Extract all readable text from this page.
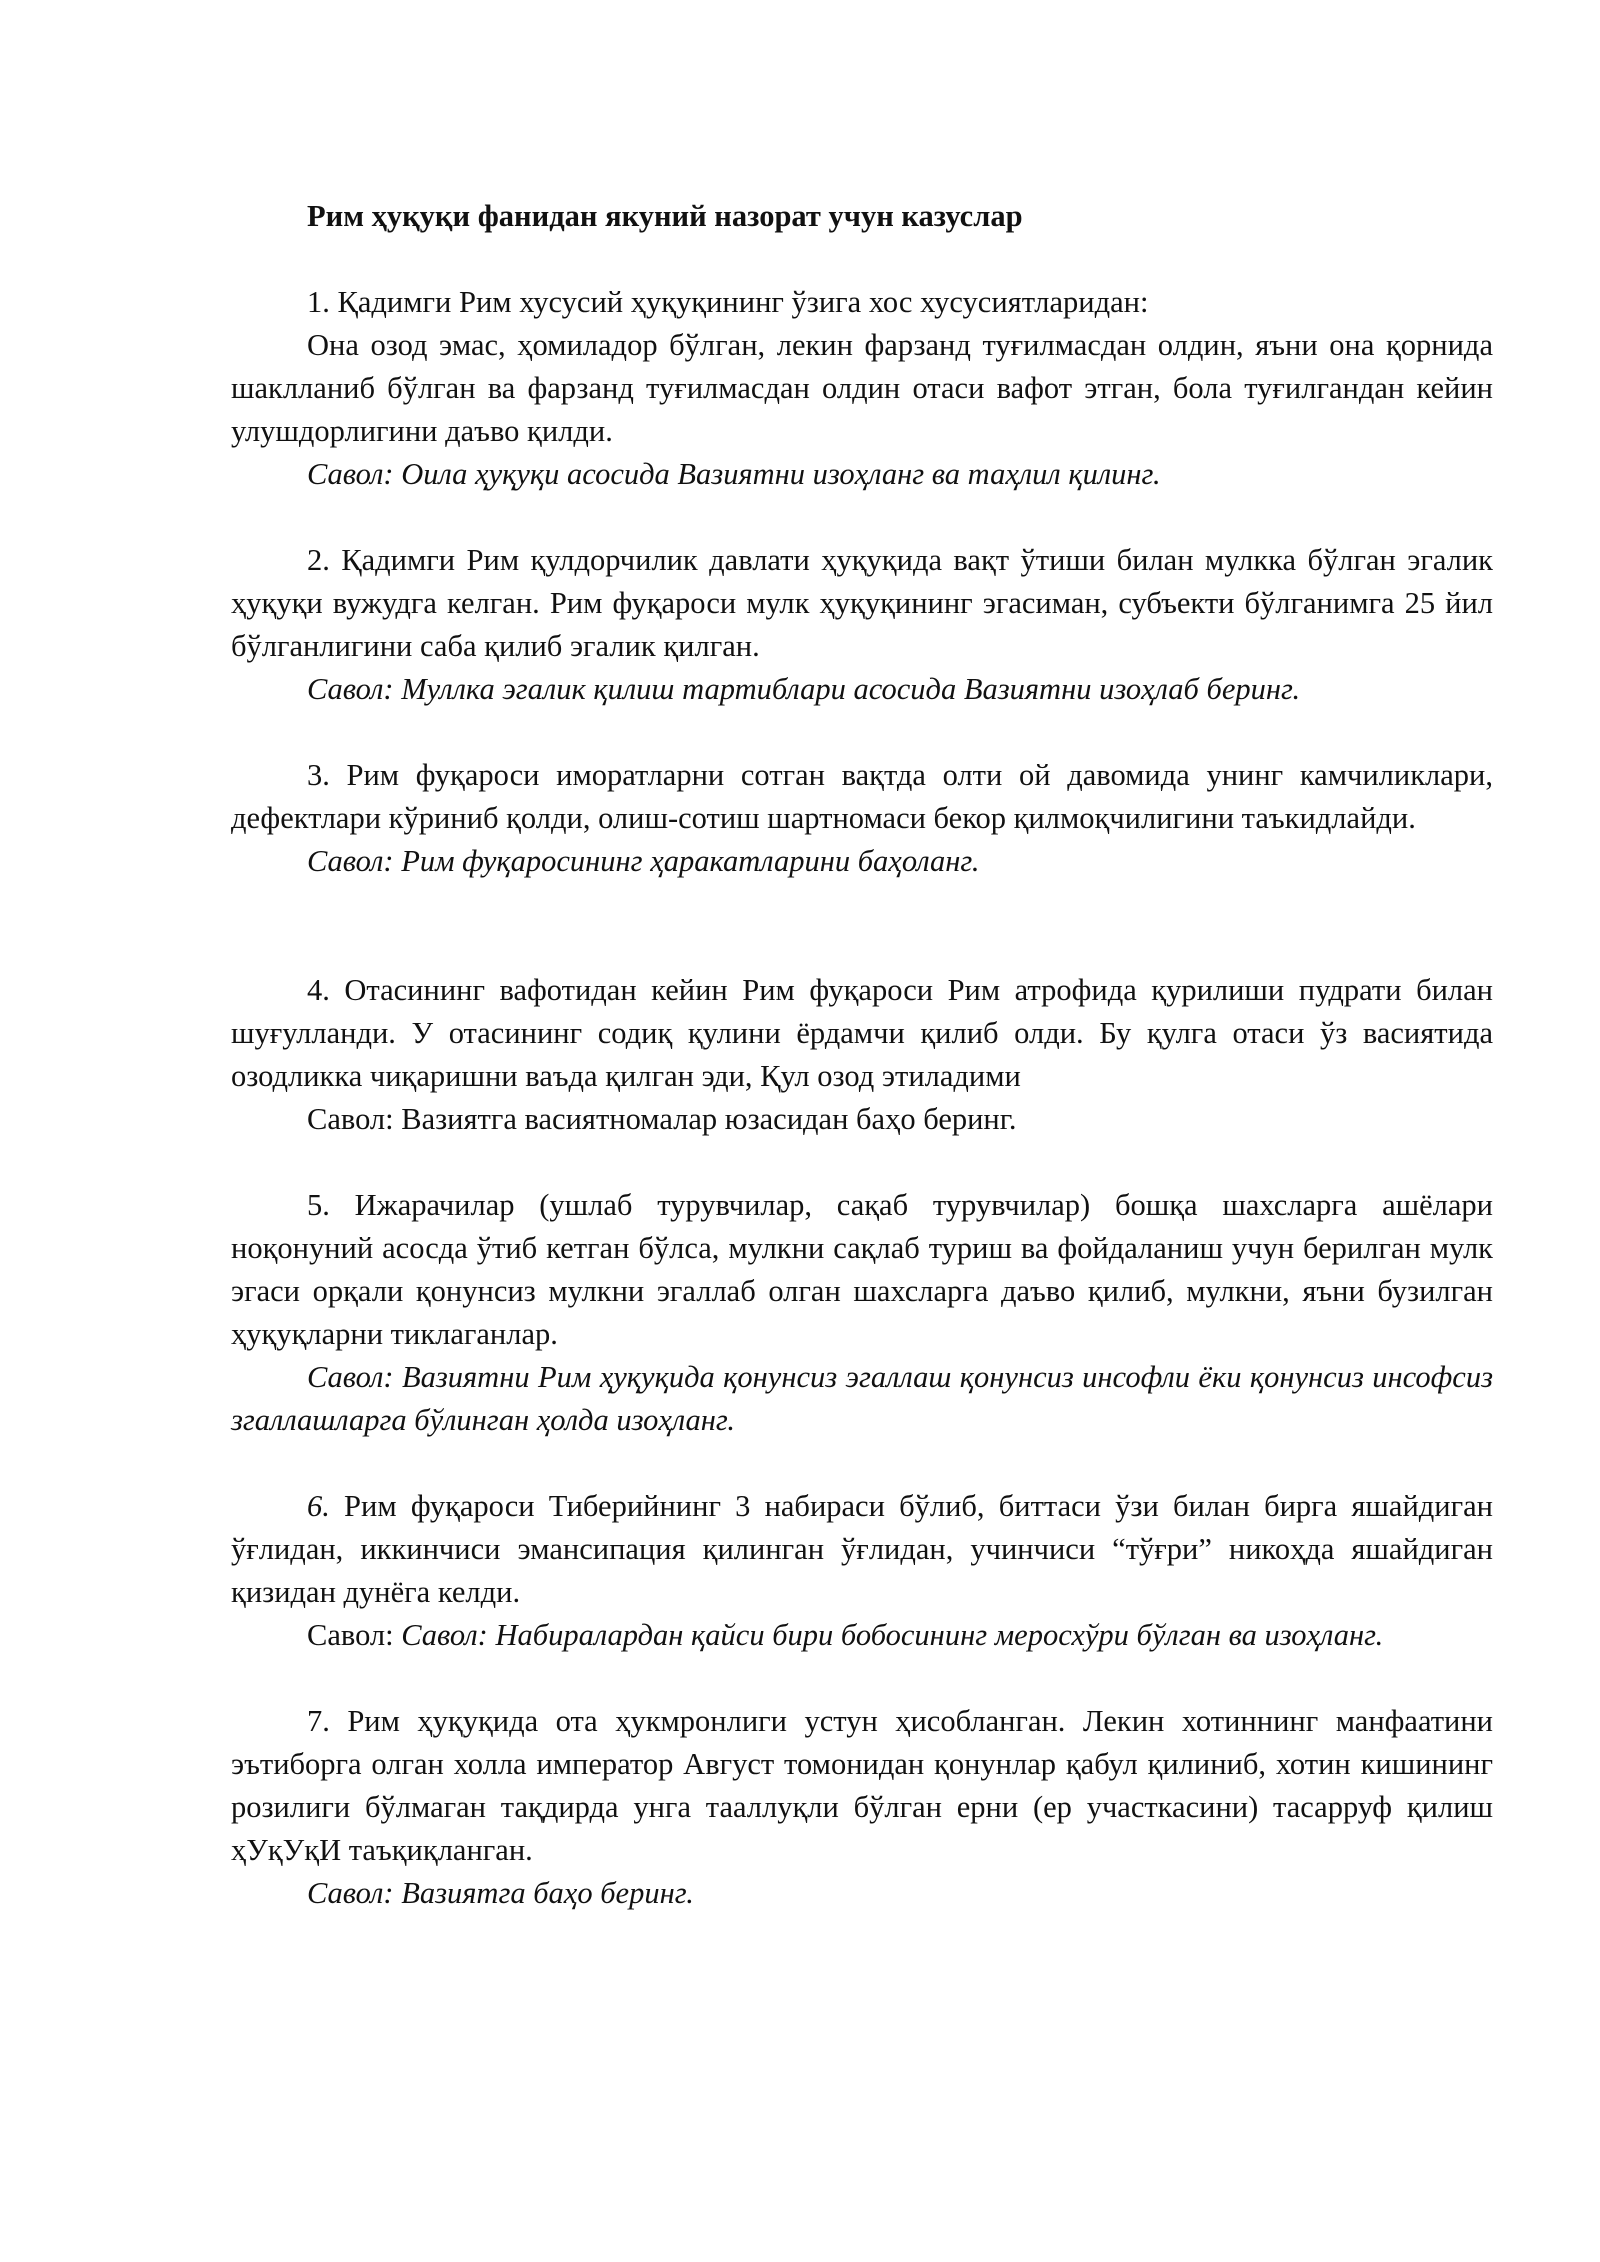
Рим ҳуқуқи фанидан якуний назорат учун казуслар

1. Қадимги Рим хусусий ҳуқуқининг ўзига хос хусусиятларидан:

Она озод эмас, ҳомиладор бўлган, лекин фарзанд туғилмасдан олдин, яъни она қорнида шаклланиб бўлган ва фарзанд туғилмасдан олдин отаси вафот этган, бола туғилгандан кейин улушдорлигини даъво қилди.

Савол: Оила ҳуқуқи асосида Вазиятни изоҳланг ва таҳлил қилинг.

2. Қадимги Рим қулдорчилик давлати ҳуқуқида вақт ўтиши билан мулкка бўлган эгалик ҳуқуқи вужудга келган. Рим фуқароси мулк ҳуқуқининг эгасиман, субъекти бўлганимга 25 йил бўлганлигини саба қилиб эгалик қилган.

Савол: Муллка эгалик қилиш тартиблари асосида Вазиятни изоҳлаб беринг.

3. Рим фуқароси иморатларни сотган вақтда олти ой давомида унинг камчиликлари, дефектлари кўриниб қолди, олиш-сотиш шартномаси бекор қилмоқчилигини таъкидлайди.

Савол: Рим фуқаросининг ҳаракатларини баҳоланг.

4. Отасининг вафотидан кейин Рим фуқароси Рим атрофида қурилиши пудрати билан шуғулланди. У отасининг содиқ қулини ёрдамчи қилиб олди. Бу қулга отаси ўз васиятида озодликка чиқаришни ваъда қилган эди, Қул озод этиладими

Савол: Вазиятга васиятномалар юзасидан баҳо беринг.

5. Ижарачилар (ушлаб турувчилар, сақаб турувчилар) бошқа шахсларга ашёлари ноқонуний асосда ўтиб кетган бўлса, мулкни сақлаб туриш ва фойдаланиш учун берилган мулк эгаси орқали қонунсиз мулкни эгаллаб олган шахсларга даъво қилиб, мулкни, яъни бузилган ҳуқуқларни тиклаганлар.

Савол: Вазиятни Рим ҳуқуқида қонунсиз эгаллаш қонунсиз инсофли ёки қонунсиз инсофсиз згаллашларга бўлинган ҳолда изоҳланг.

6. Рим фуқароси Тиберийнинг 3 набираси бўлиб, биттаси ўзи билан бирга яшайдиган ўғлидан, иккинчиси эмансипация қилинган ўғлидан, учинчиси “тўғри” никоҳда яшайдиган қизидан дунёга келди.

Савол: Савол: Набиралардан қайси бири бобосининг меросхўри бўлган ва изоҳланг.

7. Рим ҳуқуқида ота ҳукмронлиги устун ҳисобланган. Лекин хотиннинг манфаатини эътиборга олган холла император Август томонидан қонунлар қабул қилиниб, хотин кишининг розилиги бўлмаган тақдирда унга тааллуқли бўлган ерни (ер участкасини) тасарруф қилиш ҳУқУқИ таъқиқланган.

Савол: Вазиятга баҳо беринг.
